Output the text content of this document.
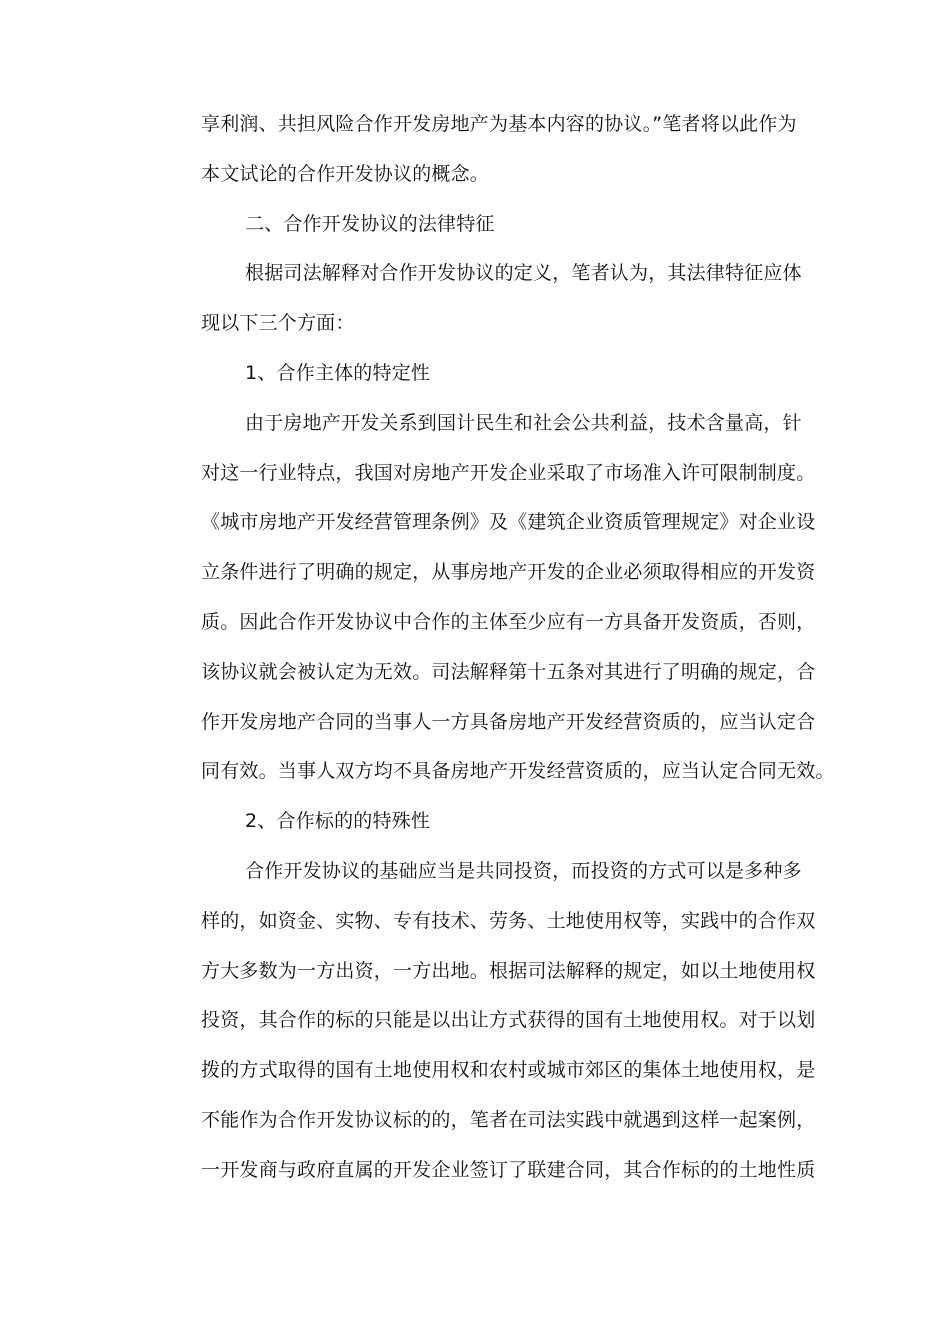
享利润、共担风险合作开发房地产为基本内容的协议。”笔者将以此作为
本文试论的合作开发协议的概念。
二、合作开发协议的法律特征
根据司法解释对合作开发协议的定义，笔者认为，其法律特征应体
现以下三个方面：
1、合作主体的特定性
由于房地产开发关系到国计民生和社会公共利益，技术含量高，针
对这一行业特点，我国对房地产开发企业采取了市场准入许可限制制度。
《城市房地产开发经营管理条例》及《建筑企业资质管理规定》对企业设
立条件进行了明确的规定，从事房地产开发的企业必须取得相应的开发资
质。因此合作开发协议中合作的主体至少应有一方具备开发资质，否则，
该协议就会被认定为无效。司法解释第十五条对其进行了明确的规定，合
作开发房地产合同的当事人一方具备房地产开发经营资质的，应当认定合
同有效。当事人双方均不具备房地产开发经营资质的，应当认定合同无效。
2、合作标的的特殊性
合作开发协议的基础应当是共同投资，而投资的方式可以是多种多
样的，如资金、实物、专有技术、劳务、土地使用权等，实践中的合作双
方大多数为一方出资，一方出地。根据司法解释的规定，如以土地使用权
投资，其合作的标的只能是以出让方式获得的国有土地使用权。对于以划
拨的方式取得的国有土地使用权和农村或城市郊区的集体土地使用权，是
不能作为合作开发协议标的的，笔者在司法实践中就遇到这样一起案例，
一开发商与政府直属的开发企业签订了联建合同，其合作标的的土地性质
